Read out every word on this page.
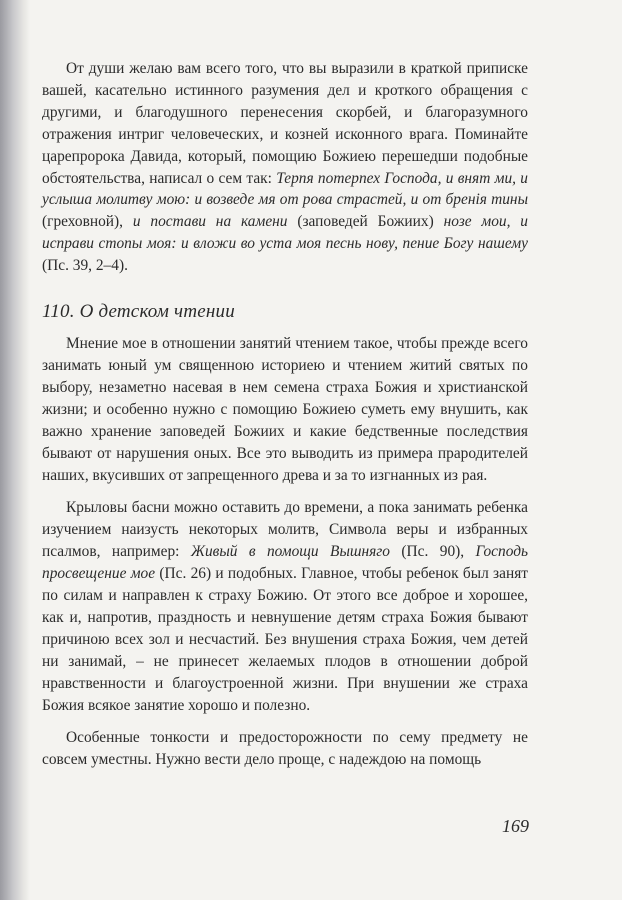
От души желаю вам всего того, что вы выразили в краткой приписке вашей, касательно истинного разумения дел и кроткого обращения с другими, и благодушного перенесения скорбей, и благоразумного отражения интриг человеческих, и козней исконного врага. Поминайте царепророка Давида, который, помощию Божиею перешедши подобные обстоятельства, написал о сем так: Терпя потерпех Господа, и внят ми, и услыша молитву мою: и возведе мя от рова страстей, и от бренія тины (греховной), и постави на камени (заповедей Божиих) нозе мои, и исправи стопы моя: и вложи во уста моя песнь нову, пение Богу нашему (Пс. 39, 2–4).

110. О детском чтении

Мнение мое в отношении занятий чтением такое, чтобы прежде всего занимать юный ум священною историею и чтением житий святых по выбору, незаметно насевая в нем семена страха Божия и христианской жизни; и особенно нужно с помощию Божиею суметь ему внушить, как важно хранение заповедей Божиих и какие бедственные последствия бывают от нарушения оных. Все это выводить из примера прародителей наших, вкусивших от запрещенного древа и за то изгнанных из рая.

Крыловы басни можно оставить до времени, а пока занимать ребенка изучением наизусть некоторых молитв, Символа веры и избранных псалмов, например: Живый в помощи Вышняго (Пс. 90), Господь просвещение мое (Пс. 26) и подобных. Главное, чтобы ребенок был занят по силам и направлен к страху Божию. От этого все доброе и хорошее, как и, напротив, праздность и невнушение детям страха Божия бывают причиною всех зол и несчастий. Без внушения страха Божия, чем детей ни занимай, – не принесет желаемых плодов в отношении доброй нравственности и благоустроенной жизни. При внушении же страха Божия всякое занятие хорошо и полезно.

Особенные тонкости и предосторожности по сему предмету не совсем уместны. Нужно вести дело проще, с надеждою на помощь

169
